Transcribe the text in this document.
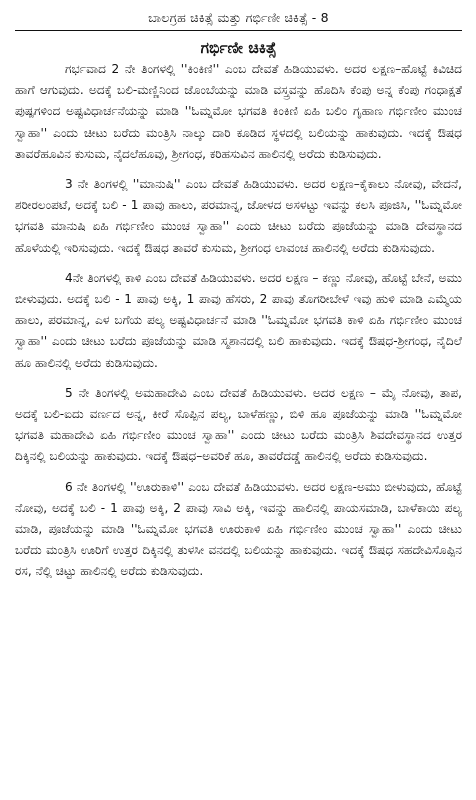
ಬಾಲಗ್ರಹ ಚಿಕಿತ್ಸೆ ಮತ್ತು ಗರ್ಭಿಣೀ ಚಿಕಿತ್ಸೆ - 8
ಗರ್ಭಿಣೀ ಚಿಕಿತ್ಸೆ

ಗರ್ಭವಾದ 2 ನೇ ತಿಂಗಳಲ್ಲಿ ''ಕಿಂಕಿಣಿ'' ಎಂಬ ದೇವತೆ ಹಿಡಿಯುವಳು. ಅದರ ಲಕ್ಷಣ–ಹೊಟ್ಟೆ ಕಿವಿಚಿದ ಹಾಗೆ ಆಗುವುದು. ಅದಕ್ಕೆ ಬಲಿ-ಮಣ್ಣಿನಿಂದ ಜೊಂಬೆಯನ್ನು ಮಾಡಿ ವಸ್ತ್ರವನ್ನು ಹೊದಿಸಿ ಕೆಂಪು ಅನ್ನ ಕೆಂಪು ಗಂಧಾಕ್ಷತೆ ಪುಷ್ಪಗಳಿಂದ ಅಷ್ಟವಿಧಾರ್ಚನೆಯನ್ನು ಮಾಡಿ ''ಓಮ್ನಮೋ ಭಗವತಿ ಕಿಂಕಿಣಿ ಏಹಿ ಬಲಿಂ ಗೃಹಾಣ ಗರ್ಭಿಣೀಂ ಮುಂಚ ಸ್ವಾಹಾ'' ಎಂದು ಚೀಟು ಬರೆದು ಮಂತ್ರಿಸಿ ನಾಲ್ಕು ದಾರಿ ಕೂಡಿದ ಸ್ಥಳದಲ್ಲಿ ಬಲಿಯನ್ನು ಹಾಕುವುದು. ಇದಕ್ಕೆ ಔಷಧ ತಾವರೆಹೂವಿನ ಕುಸುಮ, ನೈದಲೆಹೂವು, ಶ್ರೀಗಂಧ, ಕರಿಹಸುವಿನ ಹಾಲಿನಲ್ಲಿ ಅರೆದು ಕುಡಿಸುವುದು.

3 ನೇ ತಿಂಗಳಲ್ಲಿ ''ಮಾನುಷಿ'' ಎಂಬ ದೇವತೆ ಹಿಡಿಯುವಳು. ಅದರ ಲಕ್ಷಣ–ಕೈಕಾಲು ನೋವು, ವೇದನೆ, ಶರೀರಲಂಪಟೆ, ಅದಕ್ಕೆ ಬಲಿ - 1 ಪಾವು ಹಾಲು, ಪರಮಾನ್ನ, ಜೋಳದ ಅಸಳಟ್ಟು ಇವನ್ನು ಕಲಸಿ ಪೂಜಿಸಿ, ''ಓಮ್ನಮೋ ಭಗವತಿ ಮಾನುಷಿ ಏಹಿ ಗರ್ಭಿಣೀಂ ಮುಂಚ ಸ್ವಾಹಾ'' ಎಂದು ಚೀಟು ಬರೆದು ಪೂಜೆಯನ್ನು ಮಾಡಿ ದೇವಸ್ಥಾನದ ಹೊಳೆಯಲ್ಲಿ ಇರಿಸುವುದು. ಇದಕ್ಕೆ ಔಷಧ ತಾವರೆ ಕುಸುಮ, ಶ್ರೀಗಂಧ ಲಾವಂಚ ಹಾಲಿನಲ್ಲಿ ಅರೆದು ಕುಡಿಸುವುದು.

4ನೇ ತಿಂಗಳಲ್ಲಿ ಕಾಳಿ ಎಂಬ ದೇವತೆ ಹಿಡಿಯುವಳು. ಅದರ ಲಕ್ಷಣ – ಕಣ್ಣು ನೋವು, ಹೊಟ್ಟೆ ಬೇನೆ, ಅಮು ಬೀಳುವುದು. ಅದಕ್ಕೆ ಬಲಿ - 1 ಪಾವು ಅಕ್ಕಿ, 1 ಪಾವು ಹೆಸರು, 2 ಪಾವು ತೊಗರೀಬೇಳೆ ಇವು ಹುಳಿ ಮಾಡಿ ಎಮ್ಮೆಯ ಹಾಲು, ಪರಮಾನ್ನ, ಎಳ ಬಗೆಯ ಪಲ್ಯ ಅಷ್ಟವಿಧಾರ್ಚನೆ ಮಾಡಿ ''ಓಮ್ನಮೋ ಭಗವತಿ ಕಾಳಿ ಏಹಿ ಗರ್ಭಿಣೀಂ ಮುಂಚ ಸ್ವಾಹಾ'' ಎಂದು ಚೀಟು ಬರೆದು ಪೂಜೆಯನ್ನು ಮಾಡಿ ಸ್ಮಶಾನದಲ್ಲಿ ಬಲಿ ಹಾಕುವುದು. ಇದಕ್ಕೆ ಔಷಧ-ಶ್ರೀಗಂಧ, ನೈದಿಲೆ ಹೂ ಹಾಲಿನಲ್ಲಿ ಅರೆದು ಕುಡಿಸುವುದು.

5 ನೇ ತಿಂಗಳಲ್ಲಿ ಅಮಹಾದೇವಿ ಎಂಬ ದೇವತೆ ಹಿಡಿಯುವಳು. ಅದರ ಲಕ್ಷಣ – ಮೈ ನೋವು, ತಾಪ, ಅದಕ್ಕೆ ಬಲಿ-ಐದು ವರ್ಣದ ಅನ್ನ, ಕೀರೆ ಸೊಪ್ಪಿನ ಪಲ್ಯ, ಬಾಳೆಹಣ್ಣು, ಬಿಳಿ ಹೂ ಪೂಜೆಯನ್ನು ಮಾಡಿ ''ಓಮ್ನಮೋ ಭಗವತಿ ಮಹಾದೇವಿ ಏಹಿ ಗರ್ಭಿಣೀಂ ಮುಂಚ ಸ್ವಾಹಾ'' ಎಂದು ಚೀಟು ಬರೆದು ಮಂತ್ರಿಸಿ ಶಿವದೇವಸ್ಥಾನದ ಉತ್ತರ ದಿಕ್ಕಿನಲ್ಲಿ ಬಲಿಯನ್ನು ಹಾಕುವುದು. ಇದಕ್ಕೆ ಔಷಧ–ಅವರಿಕೆ ಹೂ, ತಾವರೆದಡ್ಡೆ ಹಾಲಿನಲ್ಲಿ ಅರೆದು ಕುಡಿಸುವುದು.

6 ನೇ ತಿಂಗಳಲ್ಲಿ ''ಊರುಕಾಳಿ'' ಎಂಬ ದೇವತೆ ಹಿಡಿಯುವಳು. ಅದರ ಲಕ್ಷಣ-ಅಮು ಬೀಳುವುದು, ಹೊಟ್ಟೆ ನೋವು, ಅದಕ್ಕೆ ಬಲಿ - 1 ಪಾವು ಅಕ್ಕಿ, 2 ಪಾವು ಸಾವಿ ಅಕ್ಕಿ, ಇವನ್ನು ಹಾಲಿನಲ್ಲಿ ಪಾಯಸಮಾಡಿ, ಬಾಳೆಕಾಯಿ ಪಲ್ಯ ಮಾಡಿ, ಪೂಜೆಯನ್ನು ಮಾಡಿ ''ಓಮ್ನಮೋ ಭಗವತಿ ಊರುಕಾಳಿ ಏಹಿ ಗರ್ಭಿಣೀಂ ಮುಂಚ ಸ್ವಾಹಾ'' ಎಂದು ಚೀಟು ಬರೆದು ಮಂತ್ರಿಸಿ ಊರಿಗೆ ಉತ್ತರ ದಿಕ್ಕಿನಲ್ಲಿ ತುಳಸೀ ವನದಲ್ಲಿ ಬಲಿಯನ್ನು ಹಾಕುವುದು. ಇದಕ್ಕೆ ಔಷಧ ಸಹದೇವಿಸೊಪ್ಪಿನ ರಸ, ನೆಲ್ಲಿ ಚಿಟ್ಟು ಹಾಲಿನಲ್ಲಿ ಅರೆದು ಕುಡಿಸುವುದು.
